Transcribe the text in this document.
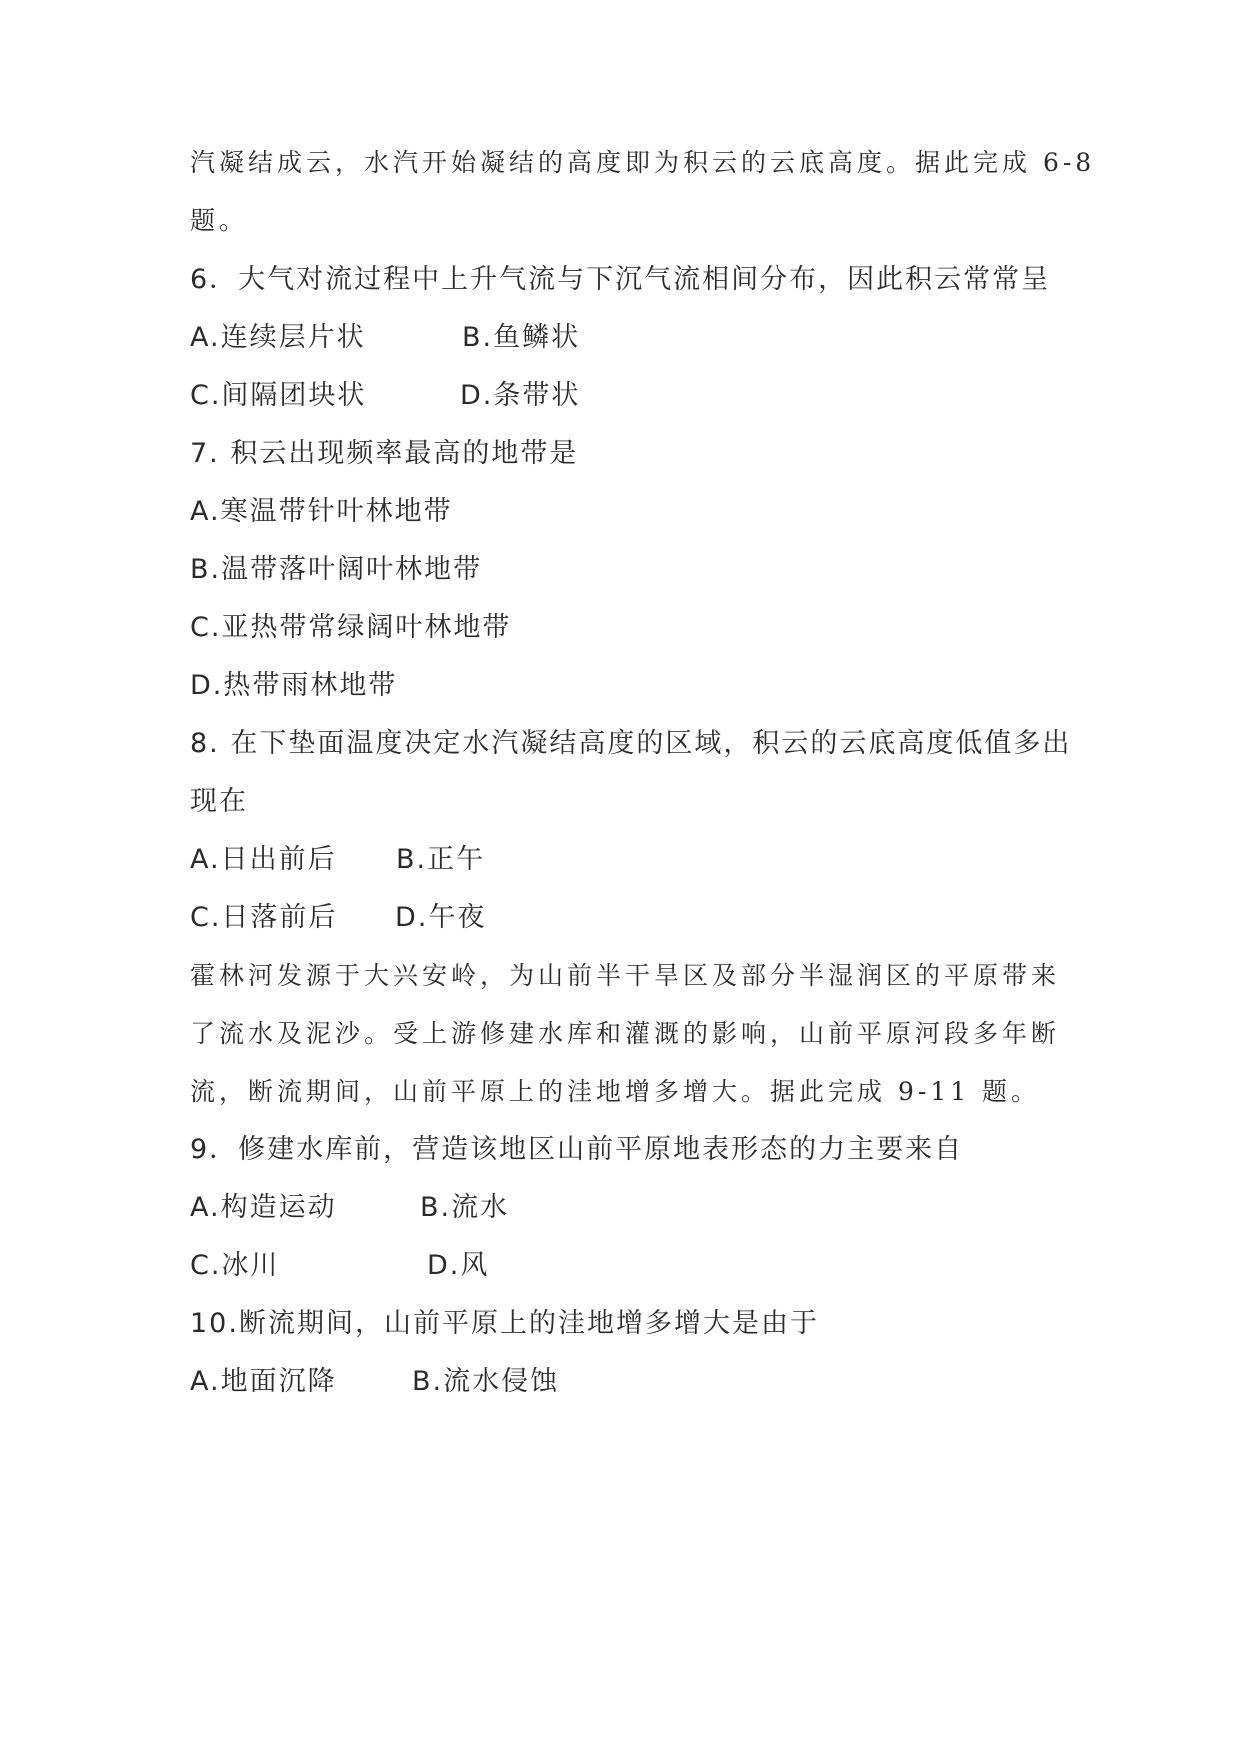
汽凝结成云，水汽开始凝结的高度即为积云的云底高度。据此完成 6-8
题。
6．大气对流过程中上升气流与下沉气流相间分布，因此积云常常呈
A.连续层片状	B.鱼鳞状
C.间隔团块状	D.条带状
7. 积云出现频率最高的地带是
A.寒温带针叶林地带
B.温带落叶阔叶林地带
C.亚热带常绿阔叶林地带
D.热带雨林地带
8. 在下垫面温度决定水汽凝结高度的区域，积云的云底高度低值多出
现在
A.日出前后 B.正午
C.日落前后 D.午夜
霍林河发源于大兴安岭，为山前半干旱区及部分半湿润区的平原带来
了流水及泥沙。受上游修建水库和灌溉的影响，山前平原河段多年断
流，断流期间，山前平原上的洼地增多增大。据此完成 9-11 题。
9．修建水库前，营造该地区山前平原地表形态的力主要来自
A.构造运动	B.流水
C.冰川	D.风
10.断流期间，山前平原上的洼地增多增大是由于
A.地面沉降	B.流水侵蚀
